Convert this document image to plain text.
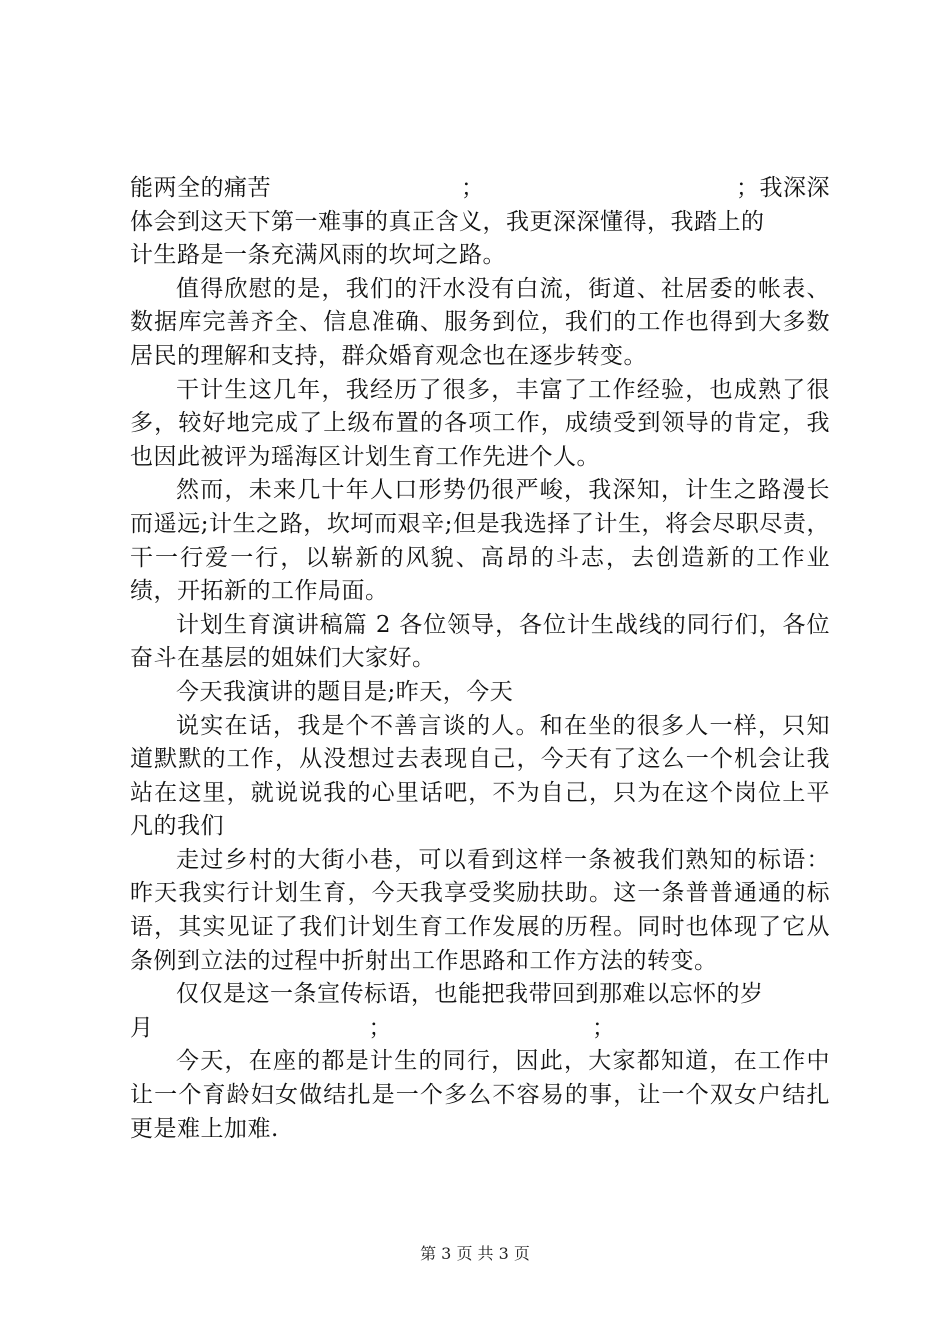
能两全的痛苦	；	；我深深
体会到这天下第一难事的真正含义，我更深深懂得，我踏上的
计生路是一条充满风雨的坎坷之路。

值得欣慰的是，我们的汗水没有白流，街道、社居委的帐表、数据库完善齐全、信息准确、服务到位，我们的工作也得到大多数居民的理解和支持，群众婚育观念也在逐步转变。

干计生这几年，我经历了很多，丰富了工作经验，也成熟了很多，较好地完成了上级布置的各项工作，成绩受到领导的肯定，我也因此被评为瑶海区计划生育工作先进个人。

然而，未来几十年人口形势仍很严峻，我深知，计生之路漫长而遥远;计生之路，坎坷而艰辛;但是我选择了计生，将会尽职尽责，干一行爱一行，以崭新的风貌、高昂的斗志，去创造新的工作业绩，开拓新的工作局面。

计划生育演讲稿篇 2 各位领导，各位计生战线的同行们，各位奋斗在基层的姐妹们大家好。

今天我演讲的题目是;昨天，今天

说实在话，我是个不善言谈的人。和在坐的很多人一样，只知道默默的工作，从没想过去表现自己，今天有了这么一个机会让我站在这里，就说说我的心里话吧，不为自己，只为在这个岗位上平凡的我们

走过乡村的大街小巷，可以看到这样一条被我们熟知的标语：昨天我实行计划生育，今天我享受奖励扶助。这一条普普通通的标语，其实见证了我们计划生育工作发展的历程。同时也体现了它从条例到立法的过程中折射出工作思路和工作方法的转变。

仅仅是这一条宣传标语，也能把我带回到那难以忘怀的岁
月	；	；

今天，在座的都是计生的同行，因此，大家都知道，在工作中让一个育龄妇女做结扎是一个多么不容易的事，让一个双女户结扎更是难上加难.

第 3 页 共 3 页
